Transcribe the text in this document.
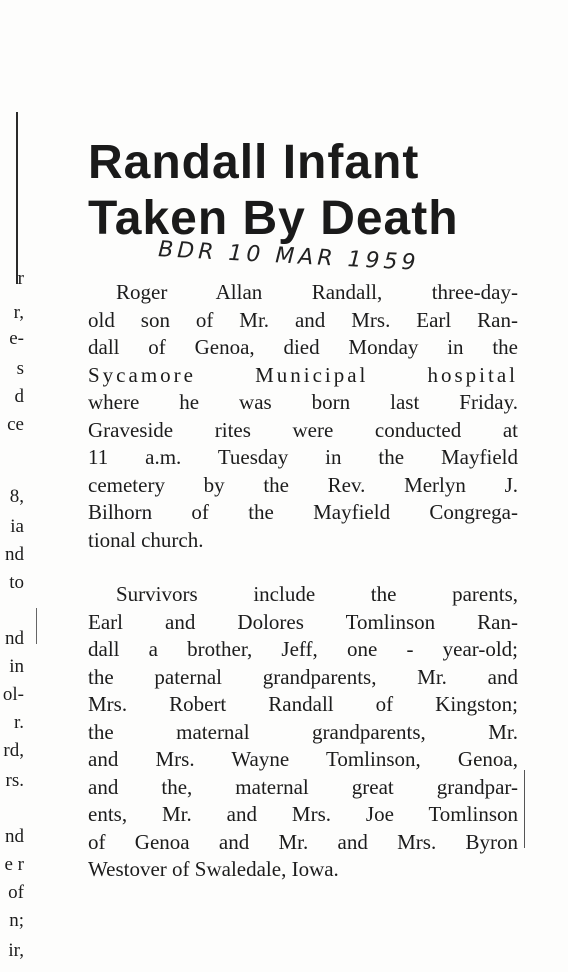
r
r,
e-
s
d
ce
8,
ia
nd
to
nd
in
ol-
r.
rd,
rs.
nd
e r
of
n;
ir,
Randall Infant
Taken By Death
BDR 10 MAR 1959
Roger Allan Randall, three-day-
old son of Mr. and Mrs. Earl Ran-
dall of Genoa, died Monday in the
Sycamore Municipal hospital
where he was born last Friday.
Graveside rites were conducted at
11 a.m. Tuesday in the Mayfield
cemetery by the Rev. Merlyn J.
Bilhorn of the Mayfield Congrega-
tional church.
Survivors include the parents,
Earl and Dolores Tomlinson Ran-
dall a brother, Jeff, one - year-old;
the paternal grandparents, Mr. and
Mrs. Robert Randall of Kingston;
the maternal grandparents, Mr.
and Mrs. Wayne Tomlinson, Genoa,
and the, maternal great grandpar-
ents, Mr. and Mrs. Joe Tomlinson
of Genoa and Mr. and Mrs. Byron
Westover of Swaledale, Iowa.
